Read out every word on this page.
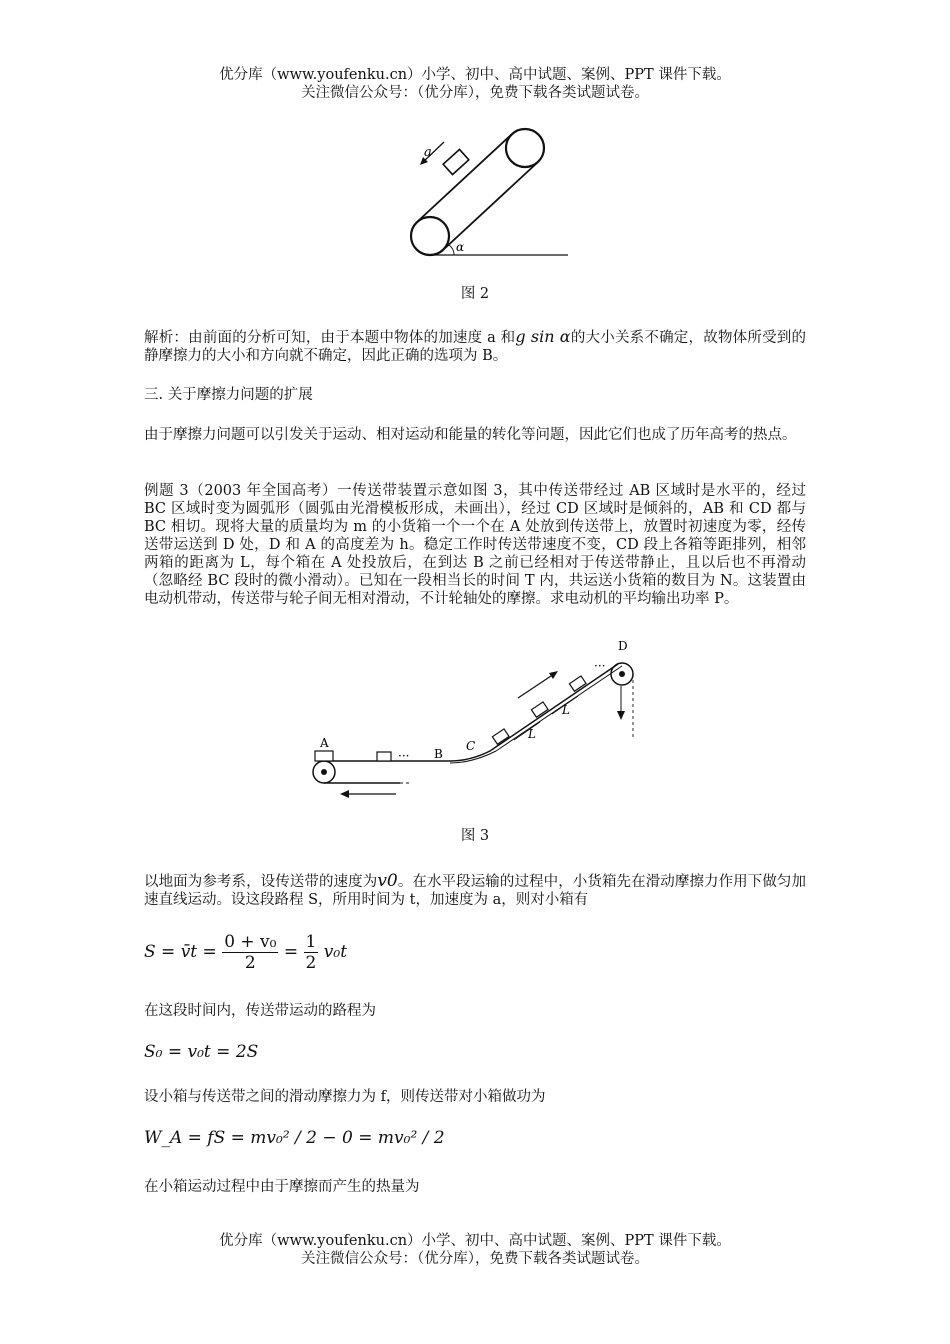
优分库（www.youfenku.cn）小学、初中、高中试题、案例、PPT 课件下载。
关注微信公众号：（优分库），免费下载各类试题试卷。
a
α
图 2
解析：由前面的分析可知，由于本题中物体的加速度 a 和g sin α的大小关系不确定，故物体所受到的静摩擦力的大小和方向就不确定，因此正确的选项为 B。
三. 关于摩擦力问题的扩展
由于摩擦力问题可以引发关于运动、相对运动和能量的转化等问题，因此它们也成了历年高考的热点。
例题 3（2003 年全国高考）一传送带装置示意如图 3，其中传送带经过 AB 区域时是水平的，经过 BC 区域时变为圆弧形（圆弧由光滑模板形成，未画出），经过 CD 区域时是倾斜的，AB 和 CD 都与 BC 相切。现将大量的质量均为 m 的小货箱一个一个在 A 处放到传送带上，放置时初速度为零，经传送带运送到 D 处，D 和 A 的高度差为 h。稳定工作时传送带速度不变，CD 段上各箱等距排列，相邻两箱的距离为 L，每个箱在 A 处投放后，在到达 B 之前已经相对于传送带静止，且以后也不再滑动（忽略经 BC 段时的微小滑动）。已知在一段相当长的时间 T 内，共运送小货箱的数目为 N。这装置由电动机带动，传送带与轮子间无相对滑动，不计轮轴处的摩擦。求电动机的平均输出功率 P。
A
··· B
C
···
L
L
D
图 3
以地面为参考系，设传送带的速度为v0。在水平段运输的过程中，小货箱先在滑动摩擦力作用下做匀加速直线运动。设这段路程 S，所用时间为 t，加速度为 a，则对小箱有
S = v̄t = $\frac{\text{0 + v₀}}{2} = \frac{1}{2} v_0t$
在这段时间内，传送带运动的路程为
S₀ = v₀t = 2S
设小箱与传送带之间的滑动摩擦力为 f，则传送带对小箱做功为
W_A = fS = mv₀² / 2 − 0 = mv₀² / 2
在小箱运动过程中由于摩擦而产生的热量为
优分库（www.youfenku.cn）小学、初中、高中试题、案例、PPT 课件下载。
关注微信公众号：（优分库），免费下载各类试题试卷。
